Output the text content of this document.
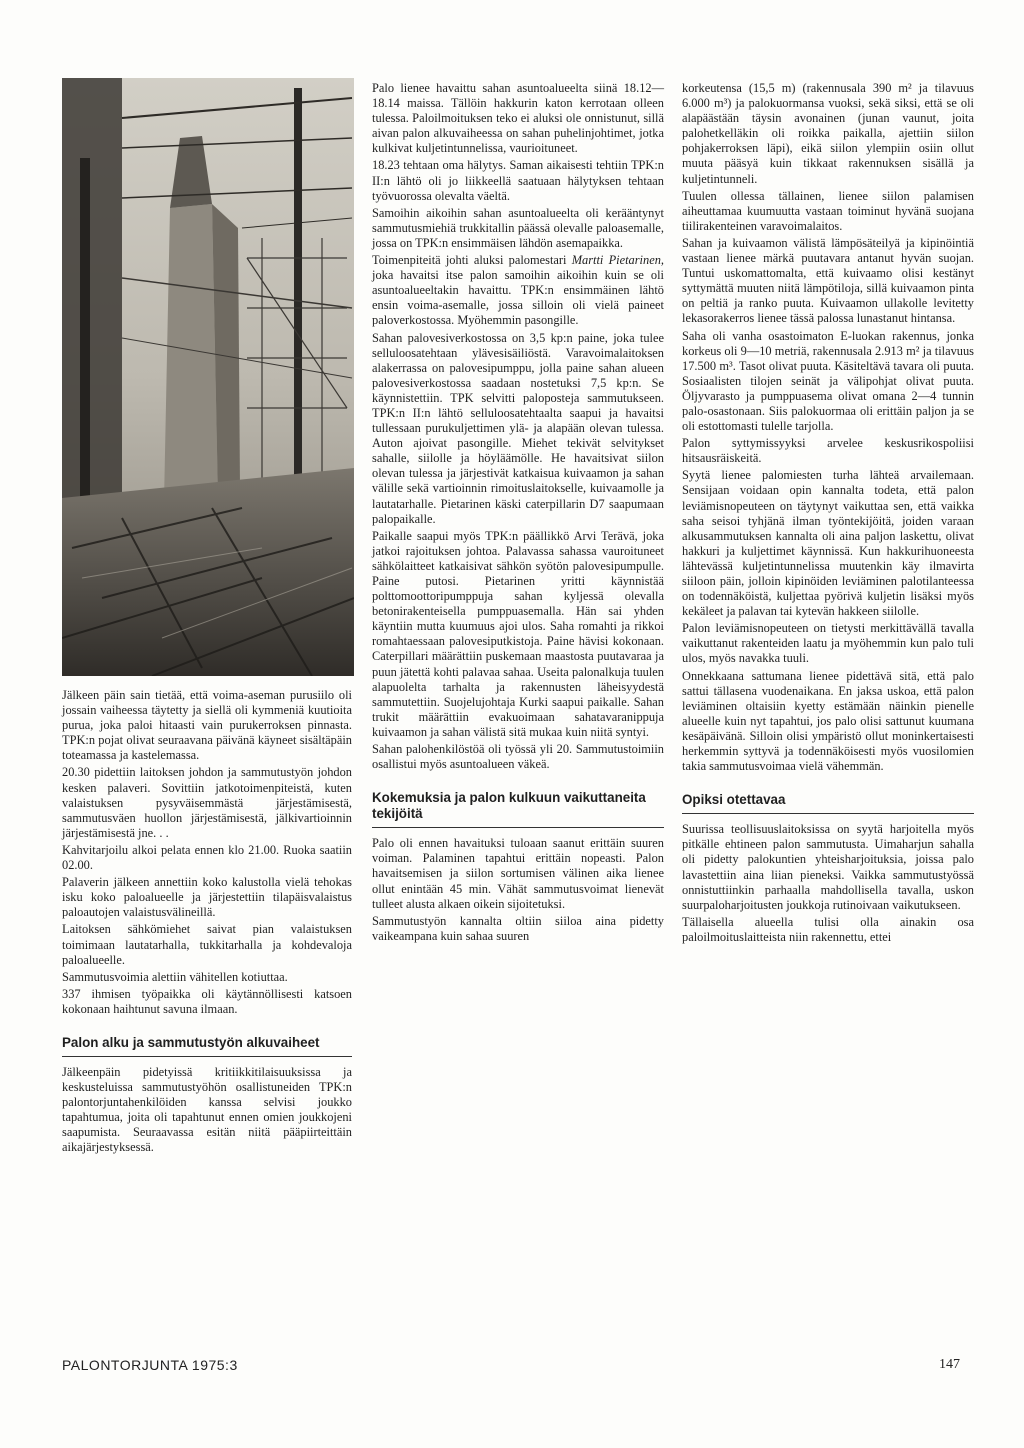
Jälkeen päin sain tietää, että voima-aseman purusiilo oli jossain vaiheessa täytetty ja siellä oli kymmeniä kuutioita purua, joka paloi hitaasti vain purukerroksen pinnasta. TPK:n pojat olivat seuraavana päivänä käyneet sisältäpäin toteamassa ja kastelemassa.

20.30 pidettiin laitoksen johdon ja sammutustyön johdon kesken palaveri. Sovittiin jatkotoimenpiteistä, kuten valaistuksen pysyväisemmästä järjestämisestä, sammutusväen huollon järjestämisestä, jälkivartioinnin järjestämisestä jne. . .

Kahvitarjoilu alkoi pelata ennen klo 21.00. Ruoka saatiin 02.00.

Palaverin jälkeen annettiin koko kalustolla vielä tehokas isku koko paloalueelle ja järjestettiin tilapäisvalaistus paloautojen valaistusvälineillä.

Laitoksen sähkömiehet saivat pian valaistuksen toimimaan lautatarhalla, tukkitarhalla ja kohdevaloja paloalueelle.

Sammutusvoimia alettiin vähitellen kotiuttaa.

337 ihmisen työpaikka oli käytännöllisesti katsoen kokonaan haihtunut savuna ilmaan.

Palon alku ja sammutustyön alkuvaiheet

Jälkeenpäin pidetyissä kritiikkitilaisuuksissa ja keskusteluissa sammutustyöhön osallistuneiden TPK:n palontorjuntahenkilöiden kanssa selvisi joukko tapahtumua, joita oli tapahtunut ennen omien joukkojeni saapumista. Seuraavassa esitän niitä pääpiirteittäin aikajärjestyksessä.

Palo lienee havaittu sahan asuntoalueelta siinä 18.12—18.14 maissa. Tällöin hakkurin katon kerrotaan olleen tulessa. Paloilmoituksen teko ei aluksi ole onnistunut, sillä aivan palon alkuvaiheessa on sahan puhelinjohtimet, jotka kulkivat kuljetintunnelissa, vaurioituneet.

18.23 tehtaan oma hälytys. Saman aikaisesti tehtiin TPK:n II:n lähtö oli jo liikkeellä saatuaan hälytyksen tehtaan työvuorossa olevalta väeltä.

Samoihin aikoihin sahan asuntoalueelta oli kerääntynyt sammutusmiehiä trukkitallin päässä olevalle paloasemalle, jossa on TPK:n ensimmäisen lähdön asemapaikka.

Toimenpiteitä johti aluksi palomestari Martti Pietarinen, joka havaitsi itse palon samoihin aikoihin kuin se oli asuntoalueeltakin havaittu. TPK:n ensimmäinen lähtö ensin voima-asemalle, jossa silloin oli vielä paineet paloverkostossa. Myöhemmin pasongille.

Sahan palovesiverkostossa on 3,5 kp:n paine, joka tulee selluloosatehtaan ylävesisäiliöstä. Varavoimalaitoksen alakerrassa on palovesipumppu, jolla paine sahan alueen palovesiverkostossa saadaan nostetuksi 7,5 kp:n. Se käynnistettiin. TPK selvitti paloposteja sammutukseen. TPK:n II:n lähtö selluloosatehtaalta saapui ja havaitsi tullessaan purukuljettimen ylä- ja alapään olevan tulessa. Auton ajoivat pasongille. Miehet tekivät selvitykset sahalle, siilolle ja höyläämölle. He havaitsivat siilon olevan tulessa ja järjestivät katkaisua kuivaamon ja sahan välille sekä vartioinnin rimoituslaitokselle, kuivaamolle ja lautatarhalle. Pietarinen käski caterpillarin D7 saapumaan palopaikalle.

Paikalle saapui myös TPK:n päällikkö Arvi Terävä, joka jatkoi rajoituksen johtoa. Palavassa sahassa vauroituneet sähkölaitteet katkaisivat sähkön syötön palovesipumpulle. Paine putosi. Pietarinen yritti käynnistää polttomoottoripumppuja sahan kyljessä olevalla betonirakenteisella pumppuasemalla. Hän sai yhden käyntiin mutta kuumuus ajoi ulos. Saha romahti ja rikkoi romahtaessaan palovesiputkistoja. Paine hävisi kokonaan. Caterpillari määrättiin puskemaan maastosta puutavaraa ja puun jätettä kohti palavaa sahaa. Useita palonalkuja tuulen alapuolelta tarhalta ja rakennusten läheisyydestä sammutettiin. Suojelujohtaja Kurki saapui paikalle. Sahan trukit määrättiin evakuoimaan sahatavaranippuja kuivaamon ja sahan välistä sitä mukaa kuin niitä syntyi.

Sahan palohenkilöstöä oli työssä yli 20. Sammutustoimiin osallistui myös asuntoalueen väkeä.

Kokemuksia ja palon kulkuun vaikuttaneita tekijöitä

Palo oli ennen havaituksi tuloaan saanut erittäin suuren voiman. Palaminen tapahtui erittäin nopeasti. Palon havaitsemisen ja siilon sortumisen välinen aika lienee ollut enintään 45 min. Vähät sammutusvoimat lienevät tulleet alusta alkaen oikein sijoitetuksi.

Sammutustyön kannalta oltiin siiloa aina pidetty vaikeampana kuin sahaa suuren

korkeutensa (15,5 m) (rakennusala 390 m² ja tilavuus 6.000 m³) ja palokuormansa vuoksi, sekä siksi, että se oli alapäästään täysin avonainen (junan vaunut, joita palohetkelläkin oli roikka paikalla, ajettiin siilon pohjakerroksen läpi), eikä siilon ylempiin osiin ollut muuta pääsyä kuin tikkaat rakennuksen sisällä ja kuljetintunneli.

Tuulen ollessa tällainen, lienee siilon palamisen aiheuttamaa kuumuutta vastaan toiminut hyvänä suojana tiilirakenteinen varavoimalaitos.

Sahan ja kuivaamon välistä lämpösäteilyä ja kipinöintiä vastaan lienee märkä puutavara antanut hyvän suojan. Tuntui uskomattomalta, että kuivaamo olisi kestänyt syttymättä muuten niitä lämpötiloja, sillä kuivaamon pinta on peltiä ja ranko puuta. Kuivaamon ullakolle levitetty lekasorakerros lienee tässä palossa lunastanut hintansa.

Saha oli vanha osastoimaton E-luokan rakennus, jonka korkeus oli 9—10 metriä, rakennusala 2.913 m² ja tilavuus 17.500 m³. Tasot olivat puuta. Käsiteltävä tavara oli puuta. Sosiaalisten tilojen seinät ja välipohjat olivat puuta. Öljyvarasto ja pumppuasema olivat omana 2—4 tunnin palo-osastonaan. Siis palokuormaa oli erittäin paljon ja se oli estottomasti tulelle tarjolla.

Palon syttymissyyksi arvelee keskusrikospoliisi hitsausräiskeitä.

Syytä lienee palomiesten turha lähteä arvailemaan. Sensijaan voidaan opin kannalta todeta, että palon leviämisnopeuteen on täytynyt vaikuttaa sen, että vaikka saha seisoi tyhjänä ilman työntekijöitä, joiden varaan alkusammutuksen kannalta oli aina paljon laskettu, olivat hakkuri ja kuljettimet käynnissä. Kun hakkurihuoneesta lähtevässä kuljetintunnelissa muutenkin käy ilmavirta siiloon päin, jolloin kipinöiden leviäminen palotilanteessa on todennäköistä, kuljettaa pyörivä kuljetin lisäksi myös kekäleet ja palavan tai kytevän hakkeen siilolle.

Palon leviämisnopeuteen on tietysti merkittävällä tavalla vaikuttanut rakenteiden laatu ja myöhemmin kun palo tuli ulos, myös navakka tuuli.

Onnekkaana sattumana lienee pidettävä sitä, että palo sattui tällasena vuodenaikana. En jaksa uskoa, että palon leviäminen oltaisiin kyetty estämään näinkin pienelle alueelle kuin nyt tapahtui, jos palo olisi sattunut kuumana kesäpäivänä. Silloin olisi ympäristö ollut moninkertaisesti herkemmin syttyvä ja todennäköisesti myös vuosilomien takia sammutusvoimaa vielä vähemmän.

Opiksi otettavaa

Suurissa teollisuuslaitoksissa on syytä harjoitella myös pitkälle ehtineen palon sammutusta. Uimaharjun sahalla oli pidetty palokuntien yhteisharjoituksia, joissa palo lavastettiin aina liian pieneksi. Vaikka sammutustyössä onnistuttiinkin parhaalla mahdollisella tavalla, uskon suurpaloharjoitusten joukkoja rutinoivaan vaikutukseen.

Tällaisella alueella tulisi olla ainakin osa paloilmoituslaitteista niin rakennettu, ettei

PALONTORJUNTA 1975:3	147
